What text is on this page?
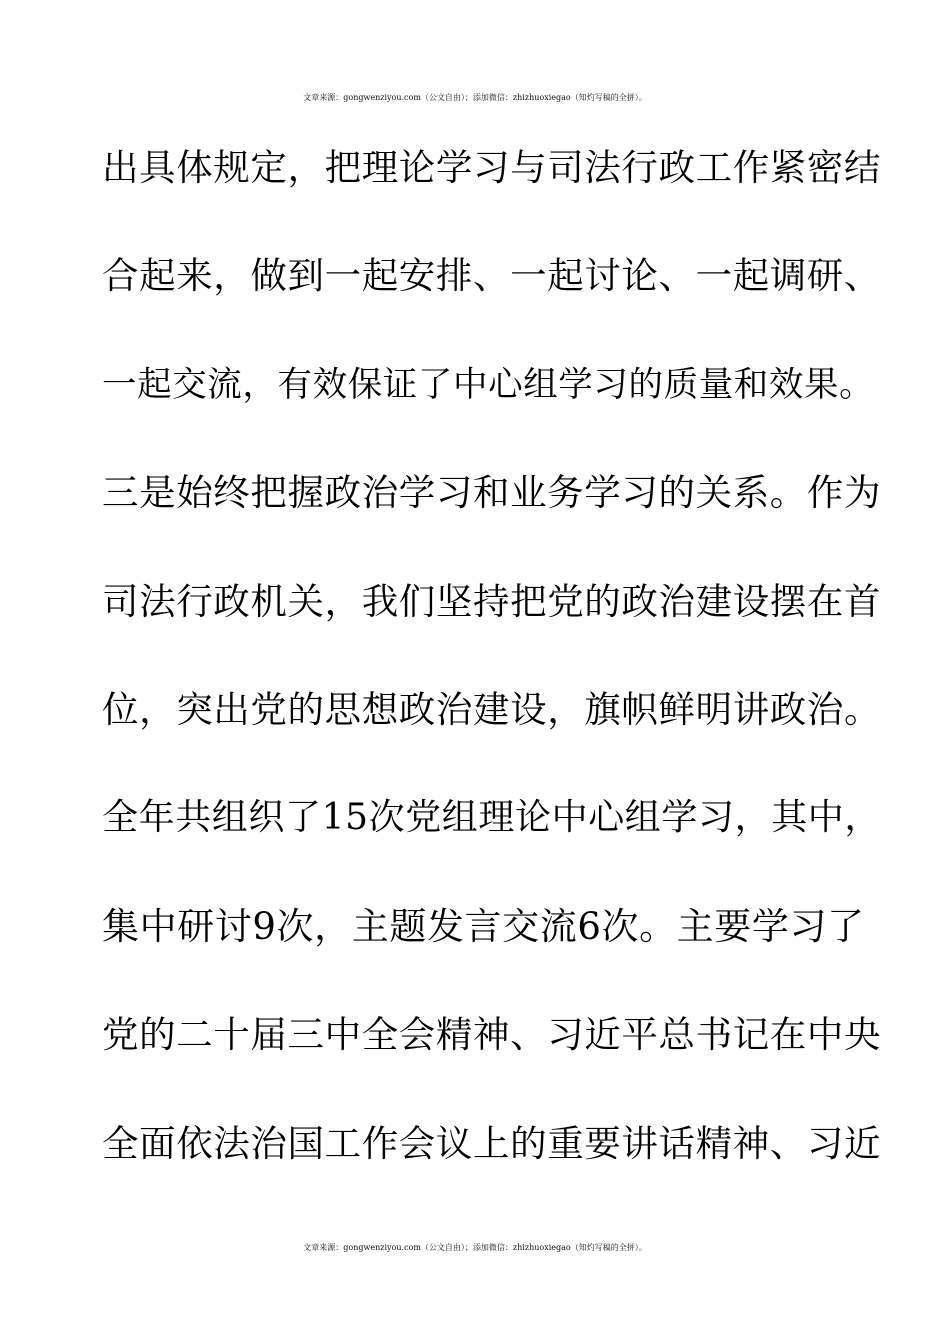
文章来源：gongwenziyou.com（公文自由）；添加微信：zhizhuoxiegao（知灼写稿的全拼）。
出具体规定，把理论学习与司法行政工作紧密结
合起来，做到一起安排、一起讨论、一起调研、
一起交流，有效保证了中心组学习的质量和效果。
三是始终把握政治学习和业务学习的关系。作为
司法行政机关，我们坚持把党的政治建设摆在首
位，突出党的思想政治建设，旗帜鲜明讲政治。
全年共组织了15次党组理论中心组学习，其中，
集中研讨9次，主题发言交流6次。主要学习了
党的二十届三中全会精神、习近平总书记在中央
全面依法治国工作会议上的重要讲话精神、习近
文章来源：gongwenziyou.com（公文自由）；添加微信：zhizhuoxiegao（知灼写稿的全拼）。
